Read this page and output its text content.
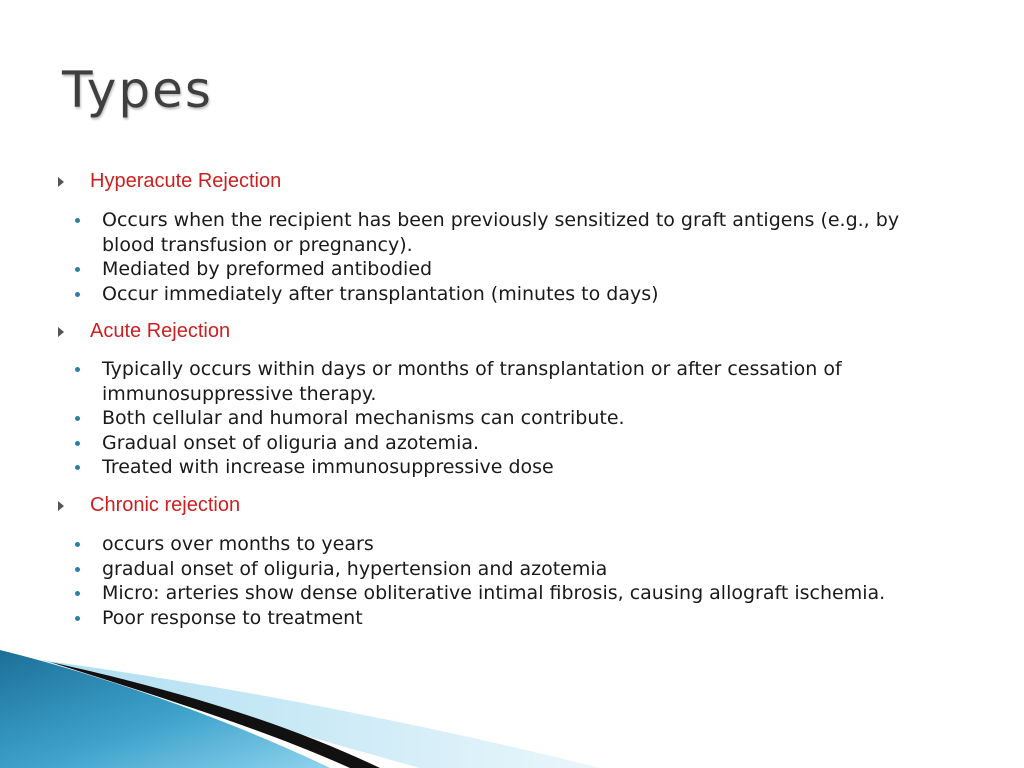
Types
Hyperacute Rejection
Occurs when the recipient has been previously sensitized to graft antigens (e.g., by blood transfusion or pregnancy).
Mediated by preformed antibodied
Occur immediately after transplantation (minutes to days)
Acute Rejection
Typically occurs within days or months of transplantation or after cessation of immunosuppressive therapy.
Both cellular and humoral mechanisms can contribute.
Gradual onset of oliguria and azotemia.
Treated with increase immunosuppressive dose
Chronic rejection
occurs over months to years
gradual onset of oliguria, hypertension and azotemia
Micro: arteries show dense obliterative intimal fibrosis, causing allograft ischemia.
Poor response to treatment
